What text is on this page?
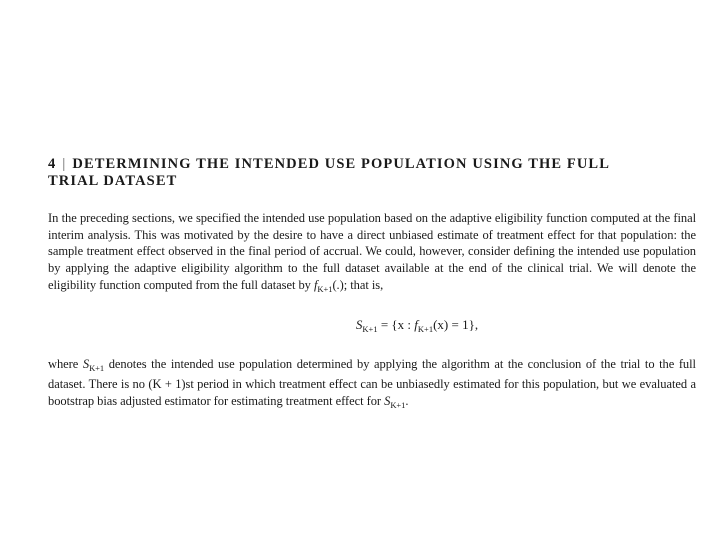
4 | DETERMINING THE INTENDED USE POPULATION USING THE FULL
TRIAL DATASET

In the preceding sections, we specified the intended use population based on the adaptive eligibility function computed at the final interim analysis. This was motivated by the desire to have a direct unbiased estimate of treatment effect for that population: the sample treatment effect observed in the final period of accrual. We could, however, consider defining the intended use population by applying the adaptive eligibility algorithm to the full dataset available at the end of the clinical trial. We will denote the eligibility function computed from the full dataset by $f_{K+1}(.)$; that is,

$S_{K+1} = \{x$ : $f_{K+1}(x) = 1$},

where $S_{K+1}$ denotes the intended use population determined by applying the algorithm at the conclusion of the trial to the full dataset. There is no (K + 1)st period in which treatment effect can be unbiasedly estimated for this population, but we evaluated a bootstrap bias adjusted estimator for estimating treatment effect for $S_{K+1}$.
